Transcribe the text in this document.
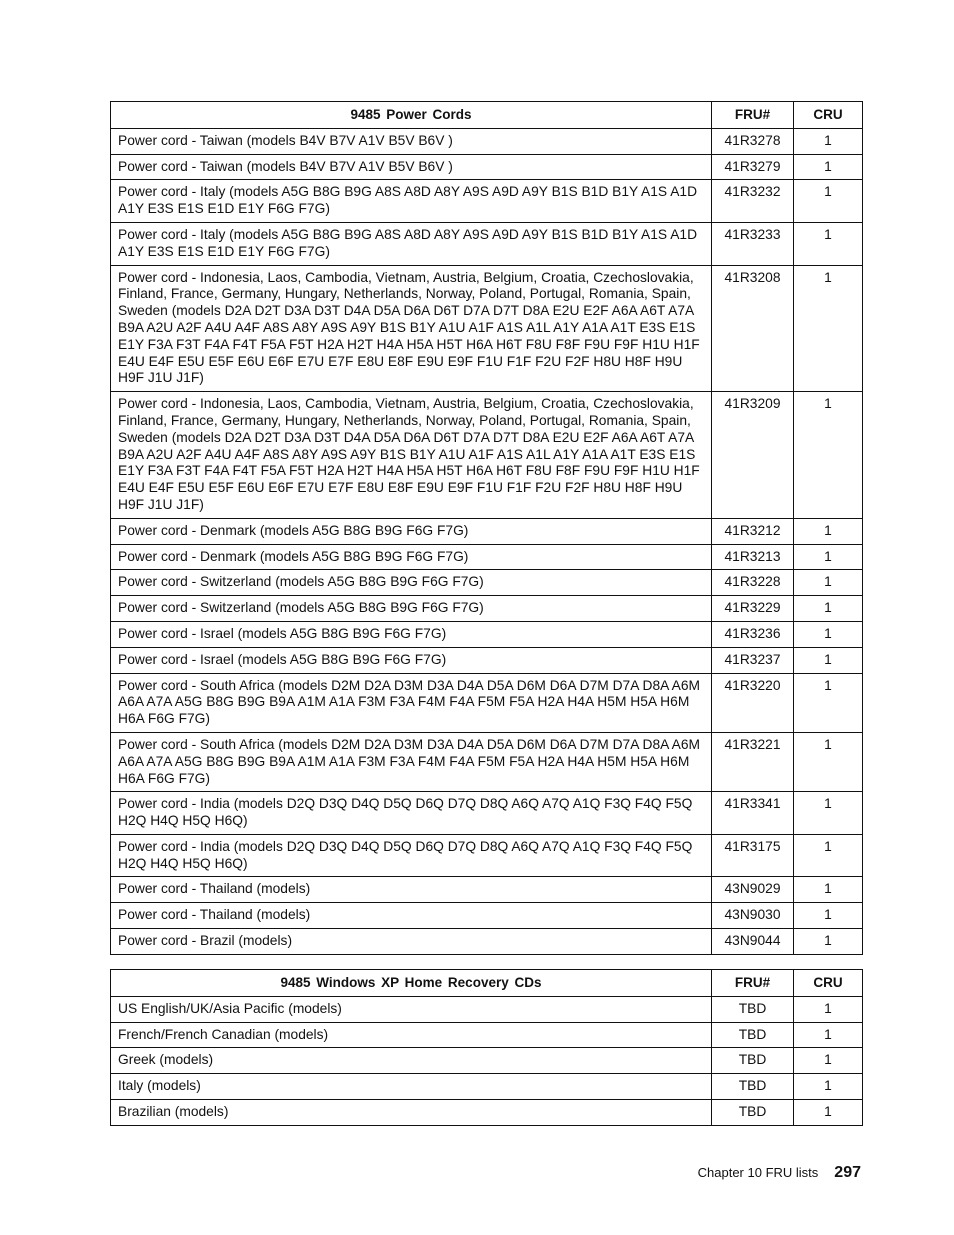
9485 Power Cords	FRU#	CRU
Power cord - Taiwan (models B4V B7V A1V B5V B6V )	41R3278	1
Power cord - Taiwan (models B4V B7V A1V B5V B6V )	41R3279	1
Power cord - Italy (models A5G B8G B9G A8S A8D A8Y A9S A9D A9Y B1S B1D B1Y A1S A1D A1Y E3S E1S E1D E1Y F6G F7G)	41R3232	1
Power cord - Italy (models A5G B8G B9G A8S A8D A8Y A9S A9D A9Y B1S B1D B1Y A1S A1D A1Y E3S E1S E1D E1Y F6G F7G)	41R3233	1
Power cord - Indonesia, Laos, Cambodia, Vietnam, Austria, Belgium, Croatia, Czechoslovakia, Finland, France, Germany, Hungary, Netherlands, Norway, Poland, Portugal, Romania, Spain, Sweden (models D2A D2T D3A D3T D4A D5A D6A D6T D7A D7T D8A E2U E2F A6A A6T A7A B9A A2U A2F A4U A4F A8S A8Y A9S A9Y B1S B1Y A1U A1F A1S A1L A1Y A1A A1T E3S E1S E1Y F3A F3T F4A F4T F5A F5T H2A H2T H4A H5A H5T H6A H6T F8U F8F F9U F9F H1U H1F E4U E4F E5U E5F E6U E6F E7U E7F E8U E8F E9U E9F F1U F1F F2U F2F H8U H8F H9U H9F J1U J1F)	41R3208	1
Power cord - Indonesia, Laos, Cambodia, Vietnam, Austria, Belgium, Croatia, Czechoslovakia, Finland, France, Germany, Hungary, Netherlands, Norway, Poland, Portugal, Romania, Spain, Sweden (models D2A D2T D3A D3T D4A D5A D6A D6T D7A D7T D8A E2U E2F A6A A6T A7A B9A A2U A2F A4U A4F A8S A8Y A9S A9Y B1S B1Y A1U A1F A1S A1L A1Y A1A A1T E3S E1S E1Y F3A F3T F4A F4T F5A F5T H2A H2T H4A H5A H5T H6A H6T F8U F8F F9U F9F H1U H1F E4U E4F E5U E5F E6U E6F E7U E7F E8U E8F E9U E9F F1U F1F F2U F2F H8U H8F H9U H9F J1U J1F)	41R3209	1
Power cord - Denmark (models A5G B8G B9G F6G F7G)	41R3212	1
Power cord - Denmark (models A5G B8G B9G F6G F7G)	41R3213	1
Power cord - Switzerland (models A5G B8G B9G F6G F7G)	41R3228	1
Power cord - Switzerland (models A5G B8G B9G F6G F7G)	41R3229	1
Power cord - Israel (models A5G B8G B9G F6G F7G)	41R3236	1
Power cord - Israel (models A5G B8G B9G F6G F7G)	41R3237	1
Power cord - South Africa (models D2M D2A D3M D3A D4A D5A D6M D6A D7M D7A D8A A6M A6A A7A A5G B8G B9G B9A A1M A1A F3M F3A F4M F4A F5M F5A H2A H4A H5M H5A H6M H6A F6G F7G)	41R3220	1
Power cord - South Africa (models D2M D2A D3M D3A D4A D5A D6M D6A D7M D7A D8A A6M A6A A7A A5G B8G B9G B9A A1M A1A F3M F3A F4M F4A F5M F5A H2A H4A H5M H5A H6M H6A F6G F7G)	41R3221	1
Power cord - India (models D2Q D3Q D4Q D5Q D6Q D7Q D8Q A6Q A7Q A1Q F3Q F4Q F5Q H2Q H4Q H5Q H6Q)	41R3341	1
Power cord - India (models D2Q D3Q D4Q D5Q D6Q D7Q D8Q A6Q A7Q A1Q F3Q F4Q F5Q H2Q H4Q H5Q H6Q)	41R3175	1
Power cord - Thailand (models)	43N9029	1
Power cord - Thailand (models)	43N9030	1
Power cord - Brazil (models)	43N9044	1
9485 Windows XP Home Recovery CDs	FRU#	CRU
US English/UK/Asia Pacific (models)	TBD	1
French/French Canadian (models)	TBD	1
Greek (models)	TBD	1
Italy (models)	TBD	1
Brazilian (models)	TBD	1
Chapter 10 FRU lists 297
